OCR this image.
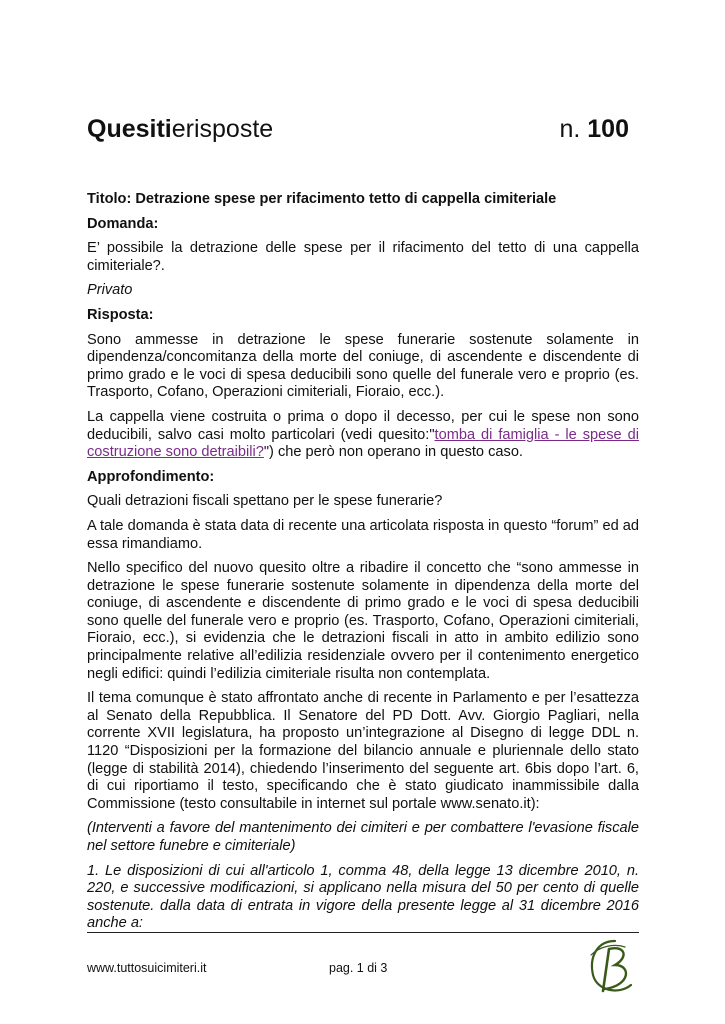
Quesitierisposte	n. 100

Titolo: Detrazione spese per rifacimento tetto di cappella cimiteriale

Domanda:

E’ possibile la detrazione delle spese per il rifacimento del tetto di una cappella cimiteriale?.

Privato

Risposta:

Sono ammesse in detrazione le spese funerarie sostenute solamente in dipendenza/concomitanza della morte del coniuge, di ascendente e discendente di primo grado e le voci di spesa deducibili sono quelle del funerale vero e proprio (es. Trasporto, Cofano, Operazioni cimiteriali, Fioraio, ecc.).

La cappella viene costruita o prima o dopo il decesso, per cui le spese non sono deducibili, salvo casi molto particolari (vedi quesito:"tomba di famiglia - le spese di costruzione sono detraibili?") che però non operano in questo caso.

Approfondimento:

Quali detrazioni fiscali spettano per le spese funerarie?

A tale domanda è stata data di recente una articolata risposta in questo “forum” ed ad essa rimandiamo.

Nello specifico del nuovo quesito oltre a ribadire il concetto che “sono ammesse in detrazione le spese funerarie sostenute solamente in dipendenza della morte del coniuge, di ascendente e discendente di primo grado e le voci di spesa deducibili sono quelle del funerale vero e proprio (es. Trasporto, Cofano, Operazioni cimiteriali, Fioraio, ecc.), si evidenzia che le detrazioni fiscali in atto in ambito edilizio sono principalmente relative all’edilizia residenziale ovvero per il contenimento energetico negli edifici: quindi l’edilizia cimiteriale risulta non contemplata.

Il tema comunque è stato affrontato anche di recente in Parlamento e per l’esattezza al Senato della Repubblica. Il Senatore del PD Dott. Avv. Giorgio Pagliari, nella corrente XVII legislatura, ha proposto un’integrazione al Disegno di legge DDL n. 1120 “Disposizioni per la formazione del bilancio annuale e pluriennale dello stato (legge di stabilità 2014), chiedendo l’inserimento del seguente art. 6bis dopo l’art. 6, di cui riportiamo il testo, specificando che è stato giudicato inammissibile dalla Commissione (testo consultabile in internet sul portale www.senato.it):

(Interventi a favore del mantenimento dei cimiteri e per combattere l'evasione fiscale nel settore funebre e cimiteriale)

1. Le disposizioni di cui all'articolo 1, comma 48, della legge 13 dicembre 2010, n. 220, e successive modificazioni, si applicano nella misura del 50 per cento di quelle sostenute. dalla data di entrata in vigore della presente legge al 31 dicembre 2016 anche a:

www.tuttosuicimiteri.it	pag. 1 di 3
